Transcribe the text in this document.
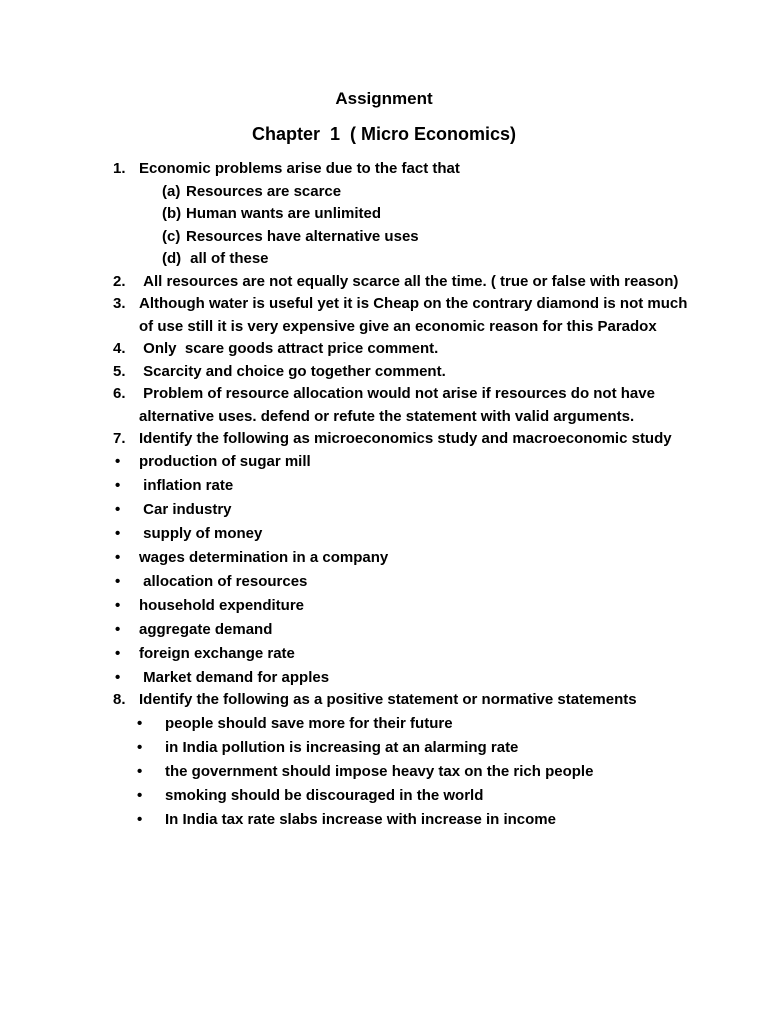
Assignment
Chapter  1  ( Micro Economics)
1. Economic problems arise due to the fact that
(a) Resources are scarce
(b) Human wants are unlimited
(c) Resources have alternative uses
(d) all of these
2. All resources are not equally scarce all the time. ( true or false with reason)
3. Although water is useful yet it is Cheap on the contrary diamond is not much of use still it is very expensive give an economic reason for this Paradox
4. Only  scare goods attract price comment.
5. Scarcity and choice go together comment.
6. Problem of resource allocation would not arise if resources do not have alternative uses. defend or refute the statement with valid arguments.
7. Identify the following as microeconomics study and macroeconomic study
•	production of sugar mill
•	inflation rate
•	Car industry
•	supply of money
•	wages determination in a company
•	allocation of resources
•	household expenditure
•	aggregate demand
•	foreign exchange rate
•	Market demand for apples
8. Identify the following as a positive statement or normative statements
•	people should save more for their future
•	in India pollution is increasing at an alarming rate
•	the government should impose heavy tax on the rich people
•	smoking should be discouraged in the world
•	In India tax rate slabs increase with increase in income
